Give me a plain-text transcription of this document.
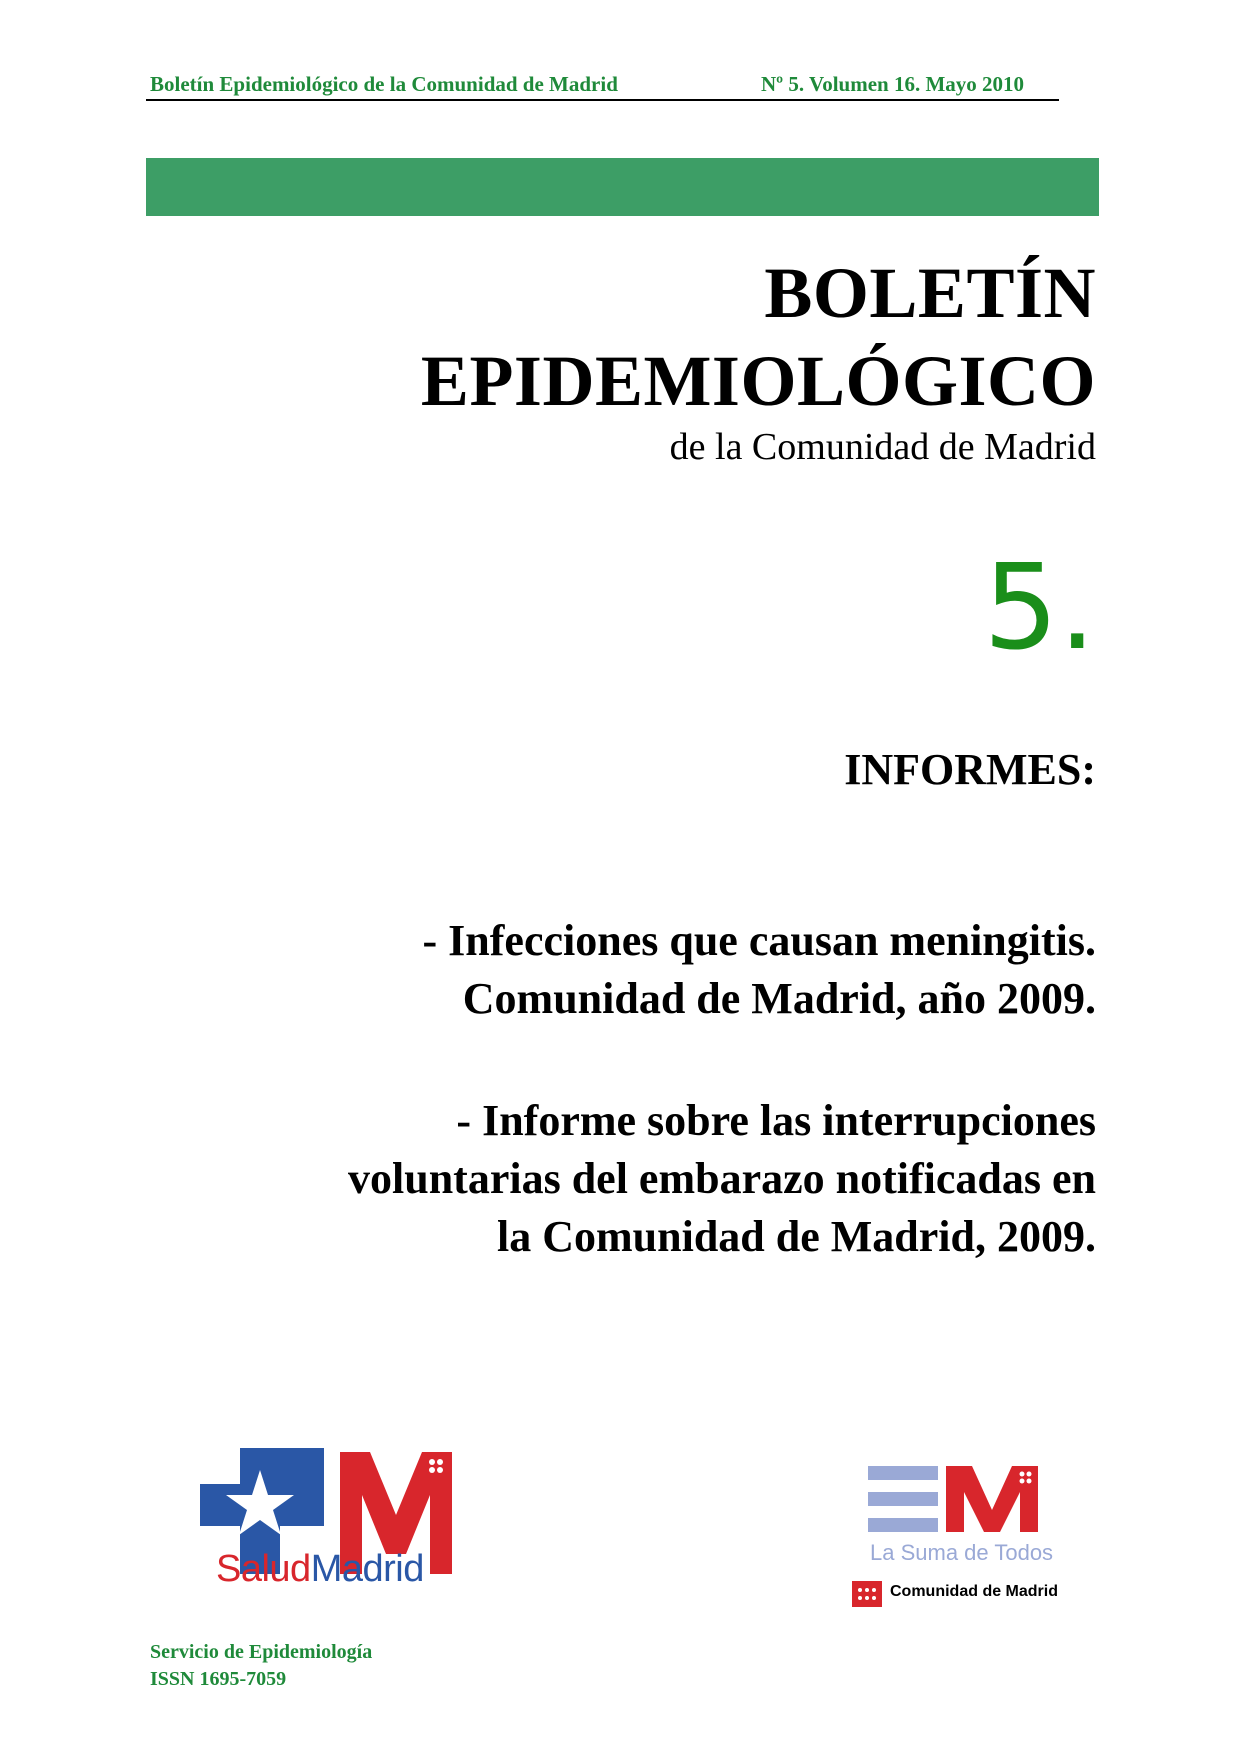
Boletín Epidemiológico de la Comunidad de Madrid	Nº 5. Volumen 16. Mayo 2010
BOLETÍN
EPIDEMIOLÓGICO
de la Comunidad de Madrid
5.
INFORMES:
- Infecciones que causan meningitis.
Comunidad de Madrid, año 2009.
- Informe sobre las interrupciones
voluntarias del embarazo notificadas en
la Comunidad de Madrid, 2009.
SaludMadrid	La Suma de Todos
Comunidad de Madrid
Servicio de Epidemiología
ISSN 1695-7059
